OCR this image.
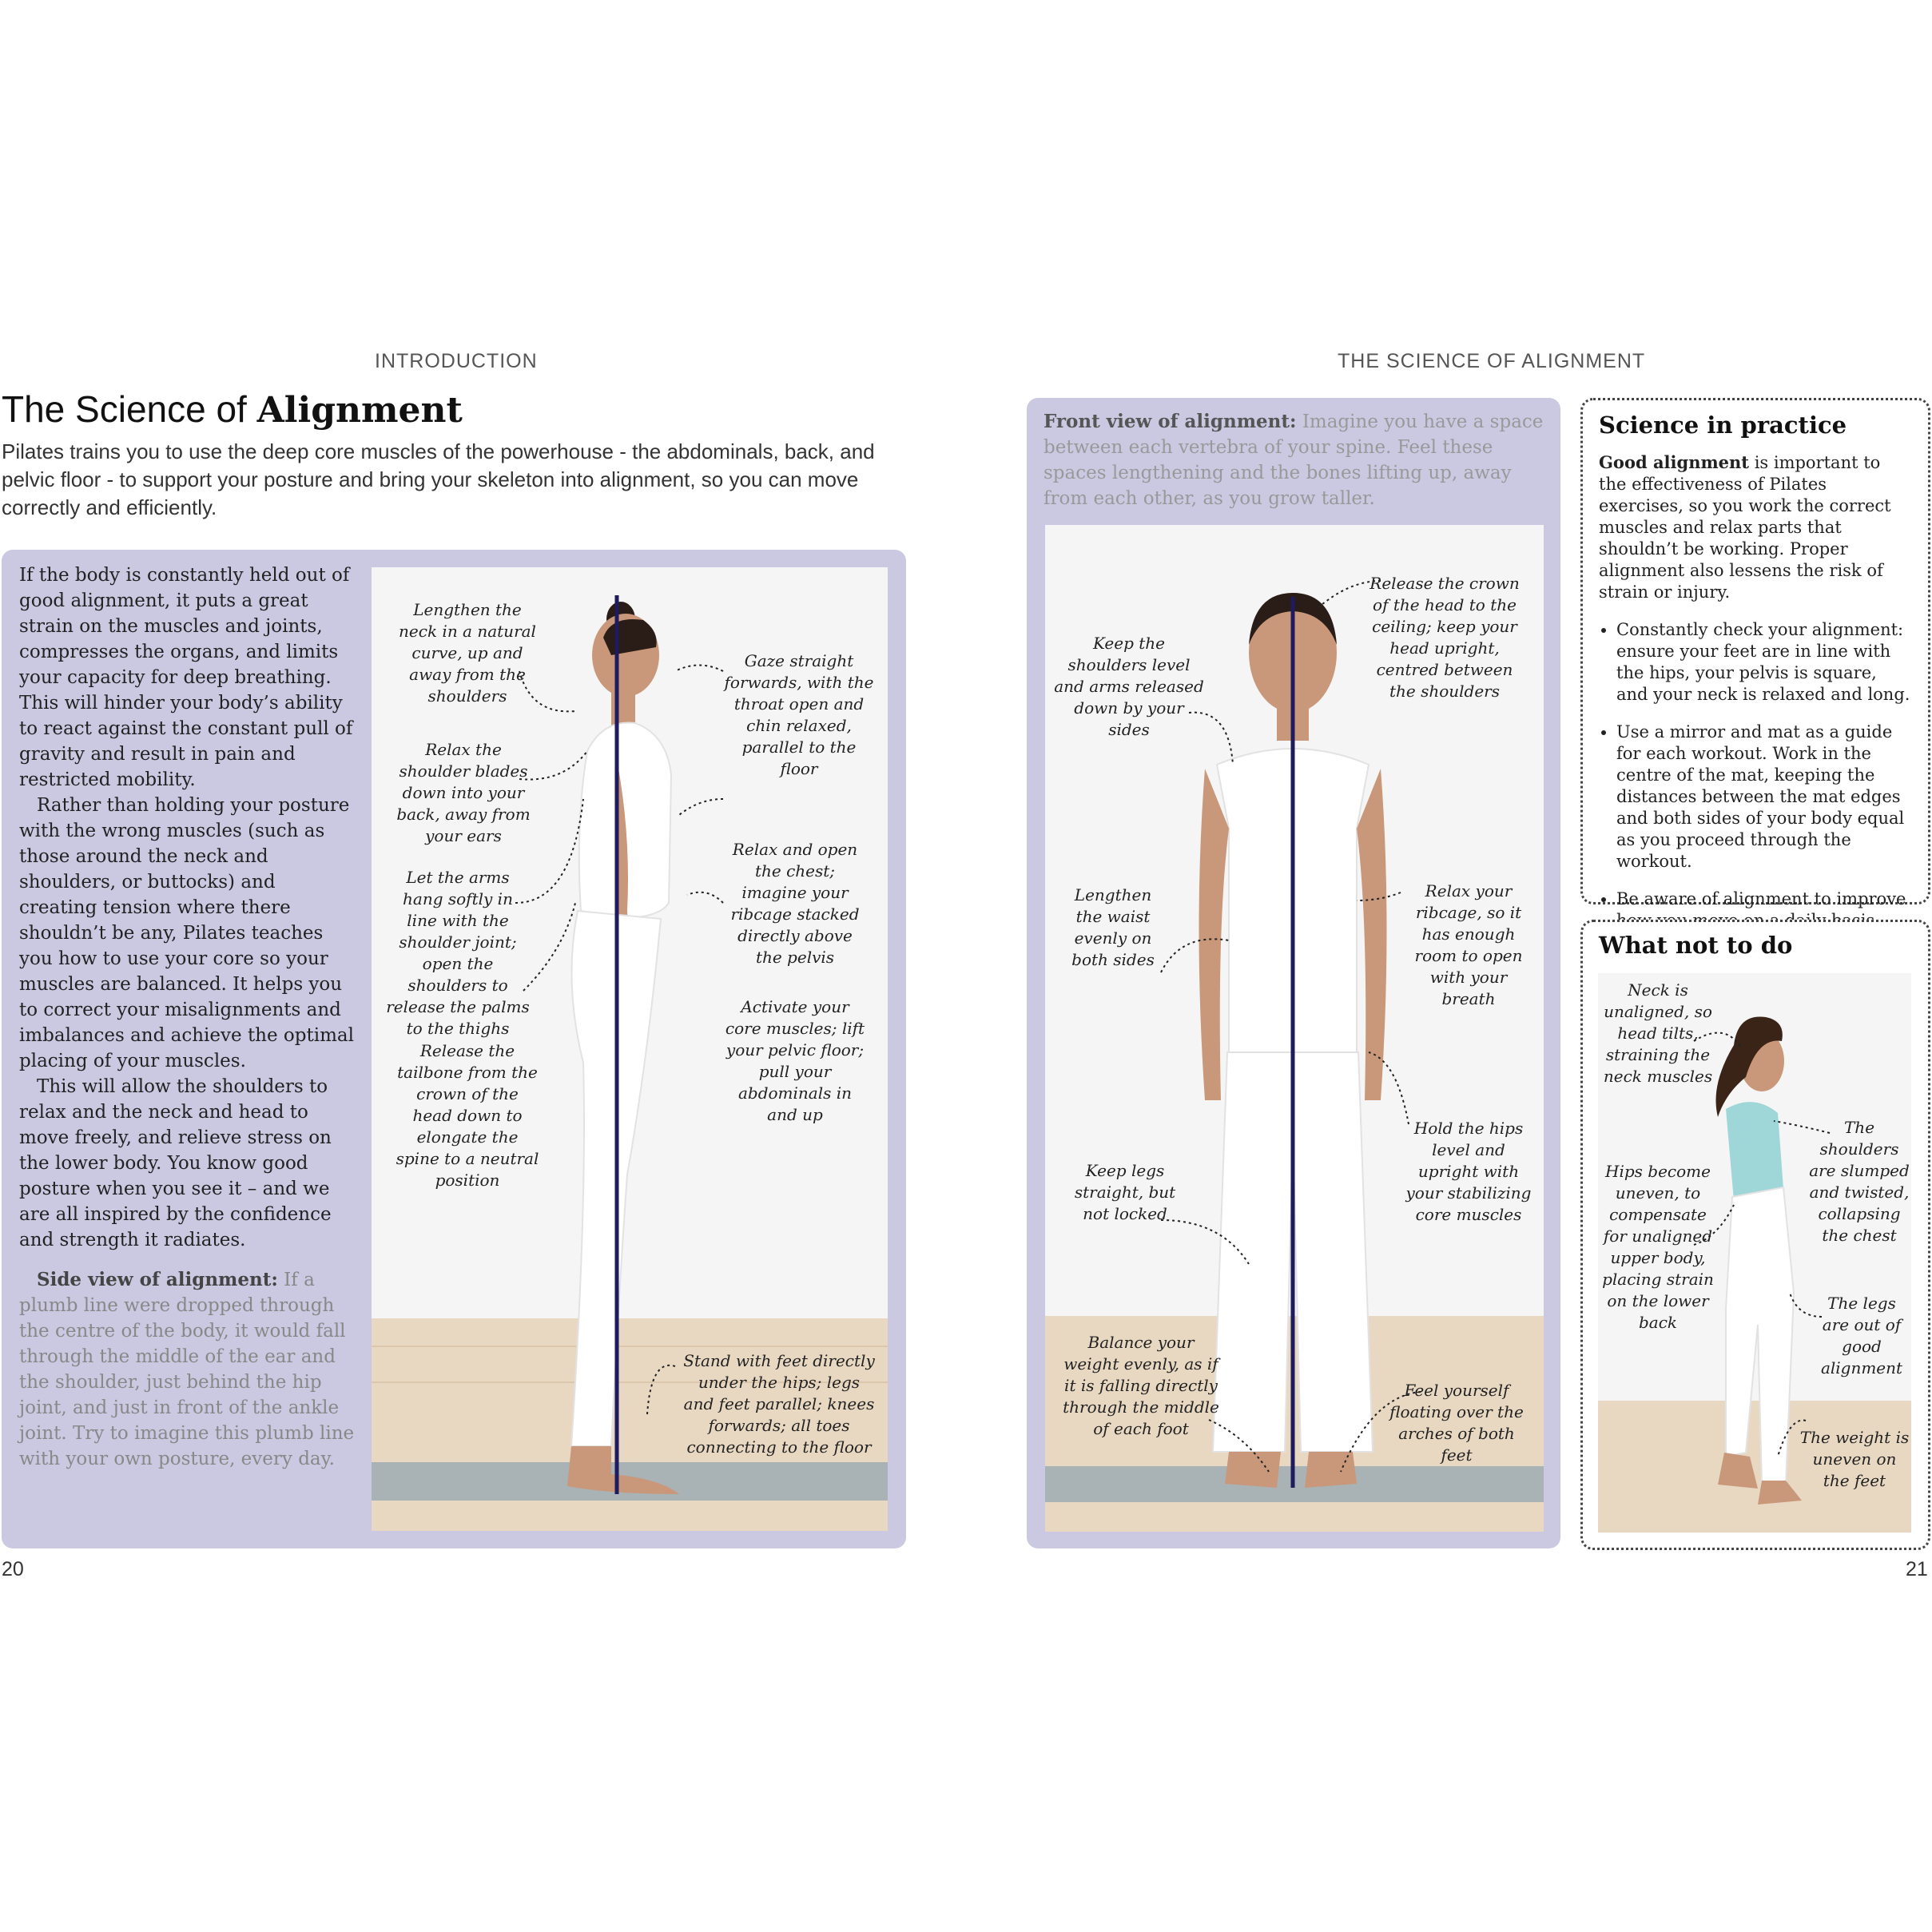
INTRODUCTION	THE SCIENCE OF ALIGNMENT
The Science of Alignment
Pilates trains you to use the deep core muscles of the powerhouse - the abdominals, back, and pelvic floor - to support your posture and bring your skeleton into alignment, so you can move correctly and efficiently.

If the body is constantly held out of good alignment, it puts a great strain on the muscles and joints, compresses the organs, and limits your capacity for deep breathing. This will hinder your body’s ability to react against the constant pull of gravity and result in pain and restricted mobility.

Rather than holding your posture with the wrong muscles (such as those around the neck and shoulders, or buttocks) and creating tension where there shouldn’t be any, Pilates teaches you how to use your core so your muscles are balanced. It helps you to correct your misalignments and imbalances and achieve the optimal placing of your muscles.

This will allow the shoulders to relax and the neck and head to move freely, and relieve stress on the lower body. You know good posture when you see it – and we are all inspired by the confidence and strength it radiates.

Side view of alignment: If a plumb line were dropped through the centre of the body, it would fall through the middle of the ear and the shoulder, just behind the hip joint, and just in front of the ankle joint. Try to imagine this plumb line with your own posture, every day.

Lengthen the neck in a natural curve, up and away from the shoulders
Gaze straight forwards, with the throat open and chin relaxed, parallel to the floor
Relax the shoulder blades down into your back, away from your ears
Relax and open the chest; imagine your ribcage stacked directly above the pelvis
Let the arms hang softly in line with the shoulder joint; open the shoulders to release the palms to the thighs
Activate your core muscles; lift your pelvic floor; pull your abdominals in and up
Release the tailbone from the crown of the head down to elongate the spine to a neutral position
Stand with feet directly under the hips; legs and feet parallel; knees forwards; all toes connecting to the floor
Front view of alignment: Imagine you have a space between each vertebra of your spine. Feel these spaces lengthening and the bones lifting up, away from each other, as you grow taller.
Release the crown of the head to the ceiling; keep your head upright, centred between the shoulders
Keep the shoulders level and arms released down by your sides
Lengthen the waist evenly on both sides
Relax your ribcage, so it has enough room to open with your breath
Hold the hips level and upright with your stabilizing core muscles
Keep legs straight, but not locked
Balance your weight evenly, as if it is falling directly through the middle of each foot
Feel yourself floating over the arches of both feet
Science in practice
Good alignment is important to the effectiveness of Pilates exercises, so you work the correct muscles and relax parts that shouldn’t be working. Proper alignment also lessens the risk of strain or injury.
• Constantly check your alignment: ensure your feet are in line with the hips, your pelvis is square, and your neck is relaxed and long.
• Use a mirror and mat as a guide for each workout. Work in the centre of the mat, keeping the distances between the mat edges and both sides of your body equal as you proceed through the workout.
• Be aware of alignment to improve
What not to do
Neck is unaligned, so head tilts, straining the neck muscles
The shoulders are slumped and twisted, collapsing the chest
Hips become uneven, to compensate for unaligned upper body, placing strain on the lower back
The legs are out of good alignment
The weight is uneven on the feet
20	21
